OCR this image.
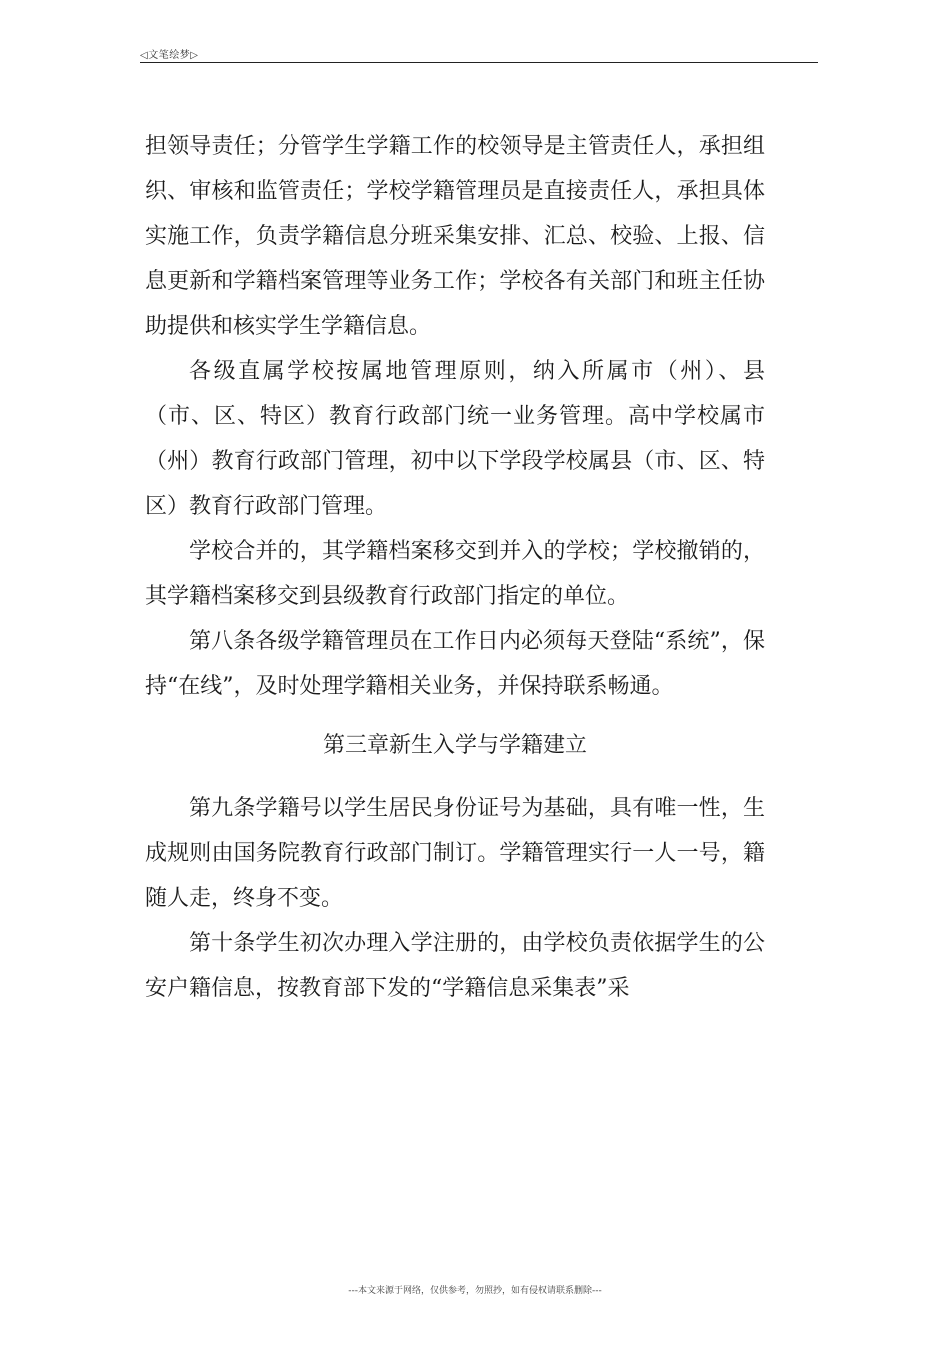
◁文笔绘梦▷

担领导责任；分管学生学籍工作的校领导是主管责任人，承担组织、审核和监管责任；学校学籍管理员是直接责任人，承担具体实施工作，负责学籍信息分班采集安排、汇总、校验、上报、信息更新和学籍档案管理等业务工作；学校各有关部门和班主任协助提供和核实学生学籍信息。

各级直属学校按属地管理原则，纳入所属市（州）、县（市、区、特区）教育行政部门统一业务管理。高中学校属市（州）教育行政部门管理，初中以下学段学校属县（市、区、特区）教育行政部门管理。

学校合并的，其学籍档案移交到并入的学校；学校撤销的，其学籍档案移交到县级教育行政部门指定的单位。

第八条各级学籍管理员在工作日内必须每天登陆“系统”，保持“在线”，及时处理学籍相关业务，并保持联系畅通。

第三章新生入学与学籍建立

第九条学籍号以学生居民身份证号为基础，具有唯一性，生成规则由国务院教育行政部门制订。学籍管理实行一人一号，籍随人走，终身不变。

第十条学生初次办理入学注册的，由学校负责依据学生的公安户籍信息，按教育部下发的“学籍信息采集表”采

---本文来源于网络，仅供参考，勿照抄，如有侵权请联系删除---
